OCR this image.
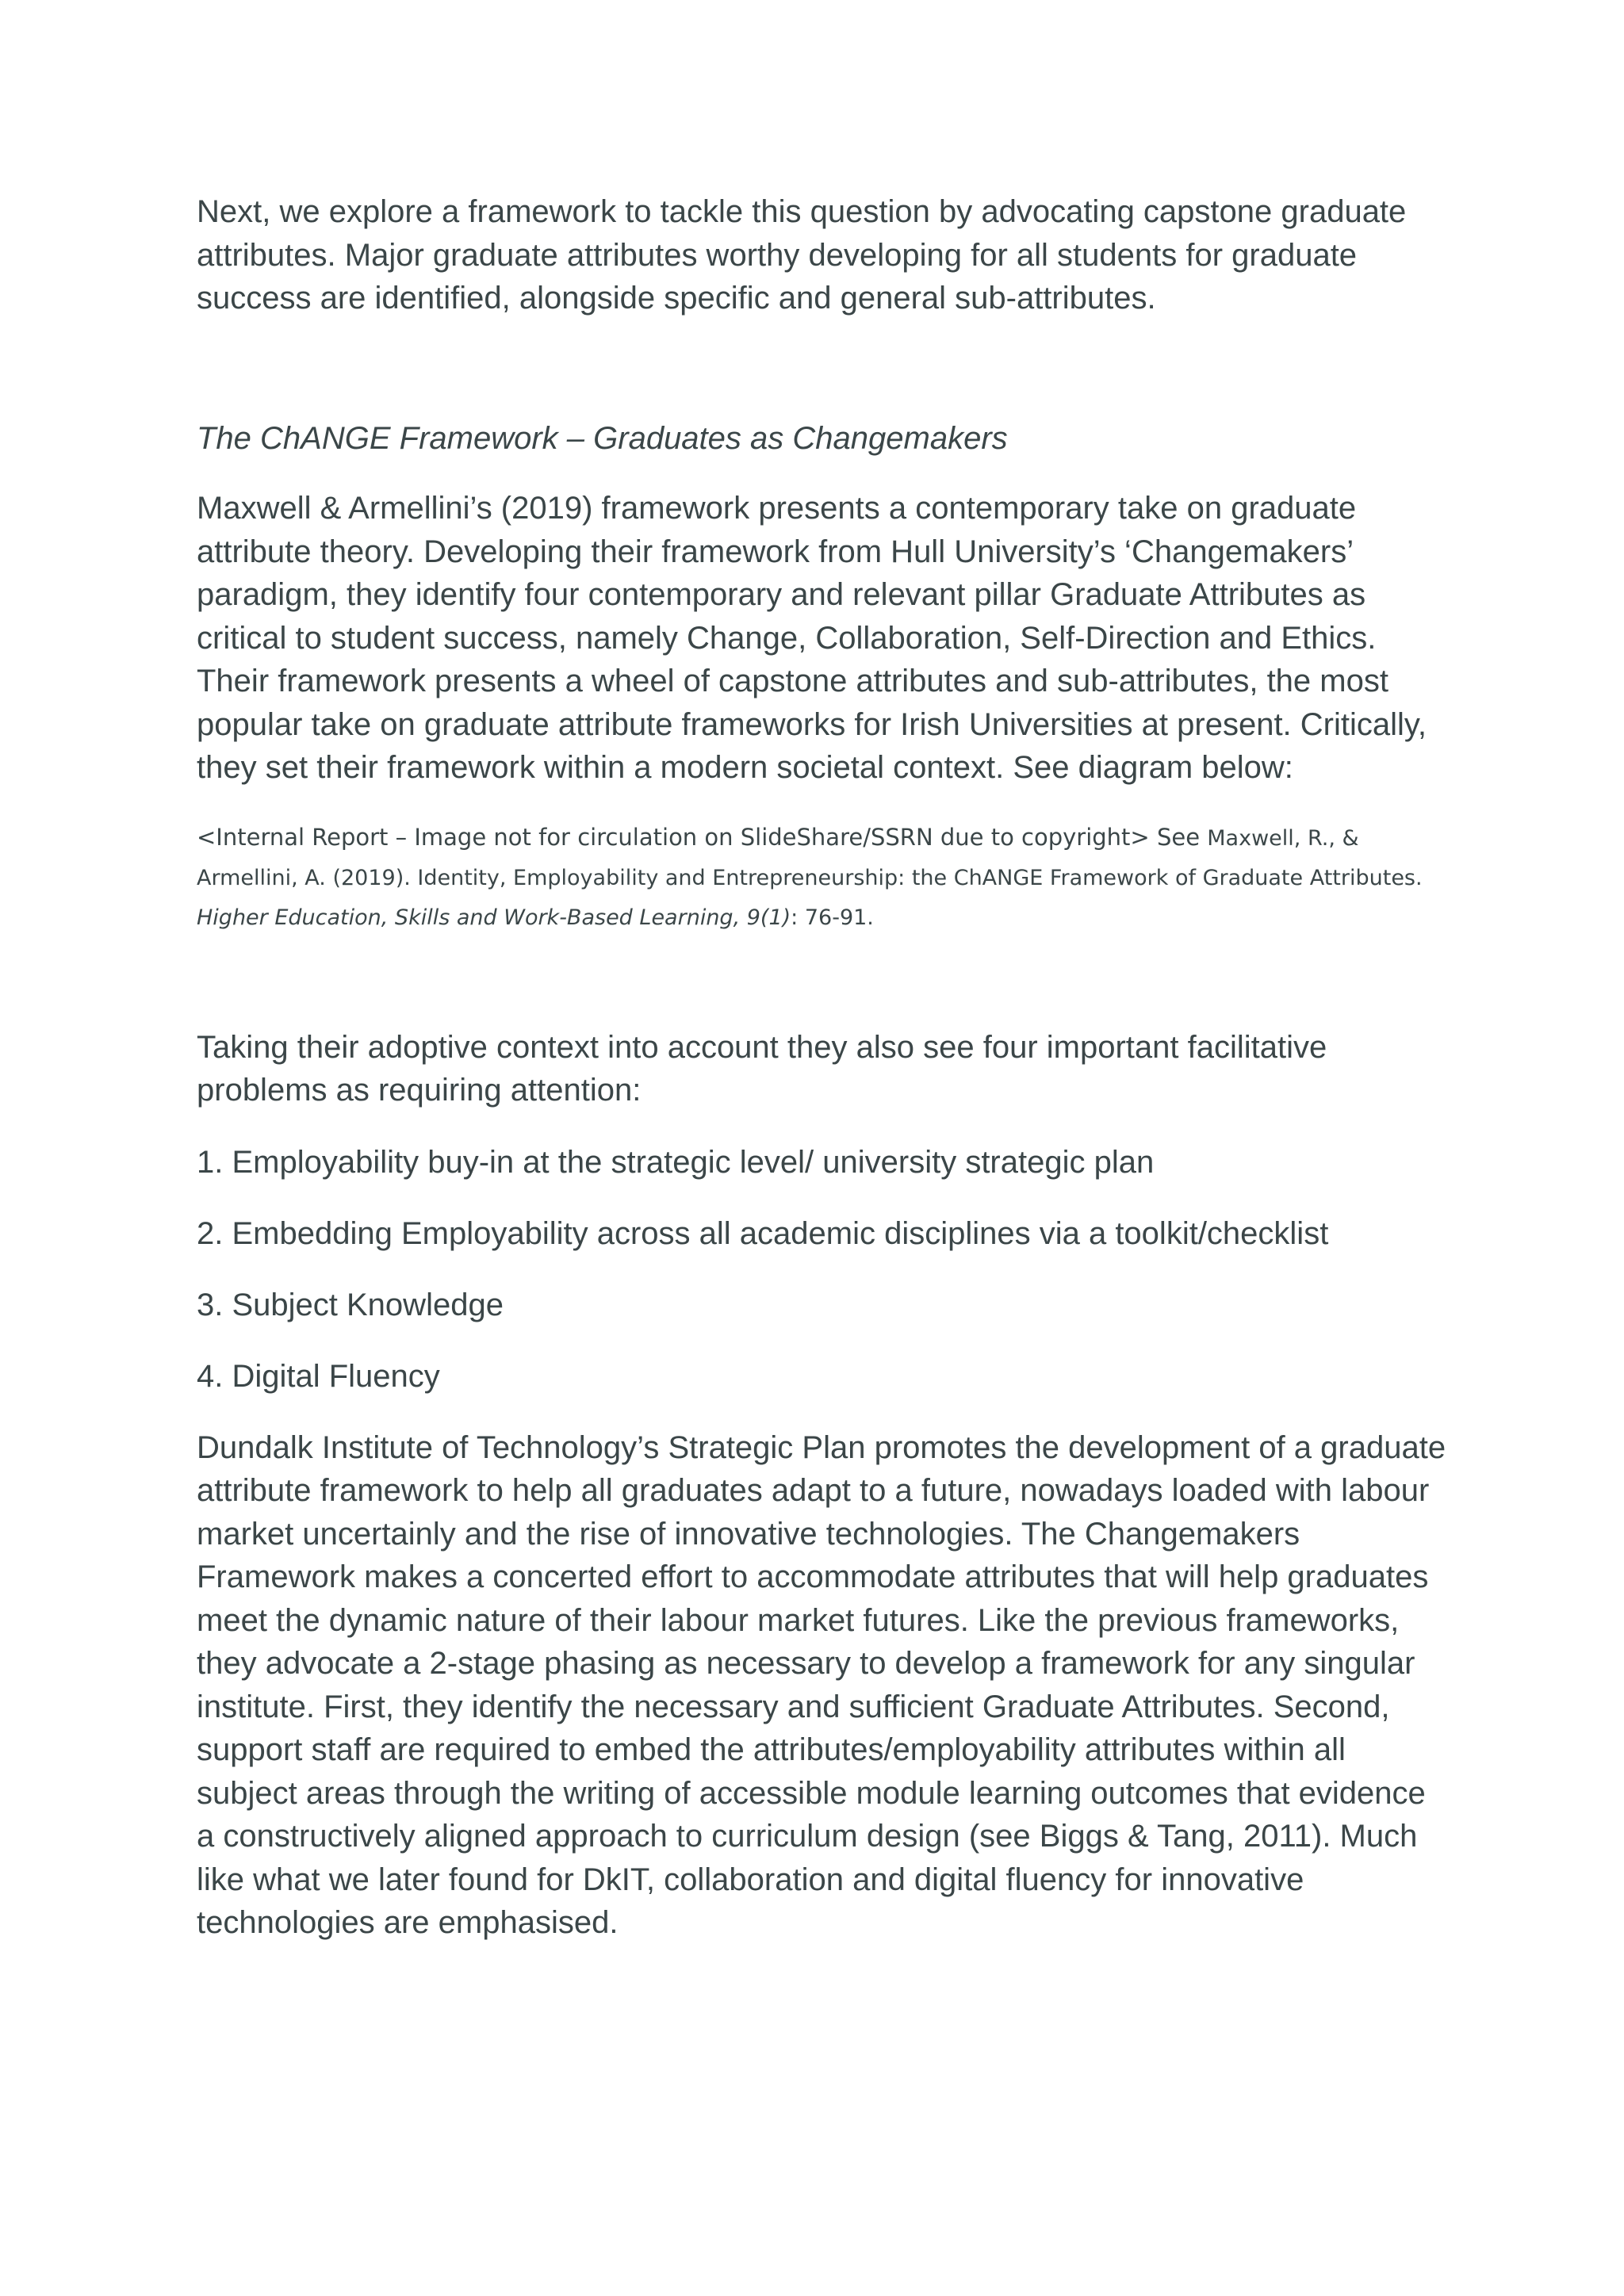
Next, we explore a framework to tackle this question by advocating capstone graduate attributes. Major graduate attributes worthy developing for all students for graduate success are identified, alongside specific and general sub-attributes.

The ChANGE Framework – Graduates as Changemakers

Maxwell & Armellini’s (2019) framework presents a contemporary take on graduate attribute theory. Developing their framework from Hull University’s ‘Changemakers’ paradigm, they identify four contemporary and relevant pillar Graduate Attributes as critical to student success, namely Change, Collaboration, Self-Direction and Ethics. Their framework presents a wheel of capstone attributes and sub-attributes, the most popular take on graduate attribute frameworks for Irish Universities at present. Critically, they set their framework within a modern societal context. See diagram below:

<Internal Report – Image not for circulation on SlideShare/SSRN due to copyright> See Maxwell, R., & Armellini, A. (2019). Identity, Employability and Entrepreneurship: the ChANGE Framework of Graduate Attributes. Higher Education, Skills and Work-Based Learning, 9(1): 76-91.

Taking their adoptive context into account they also see four important facilitative problems as requiring attention:

1. Employability buy-in at the strategic level/ university strategic plan

2. Embedding Employability across all academic disciplines via a toolkit/checklist

3. Subject Knowledge

4. Digital Fluency

Dundalk Institute of Technology’s Strategic Plan promotes the development of a graduate attribute framework to help all graduates adapt to a future, nowadays loaded with labour market uncertainly and the rise of innovative technologies. The Changemakers Framework makes a concerted effort to accommodate attributes that will help graduates meet the dynamic nature of their labour market futures. Like the previous frameworks, they advocate a 2-stage phasing as necessary to develop a framework for any singular institute. First, they identify the necessary and sufficient Graduate Attributes. Second, support staff are required to embed the attributes/employability attributes within all subject areas through the writing of accessible module learning outcomes that evidence a constructively aligned approach to curriculum design (see Biggs & Tang, 2011). Much like what we later found for DkIT, collaboration and digital fluency for innovative technologies are emphasised.
